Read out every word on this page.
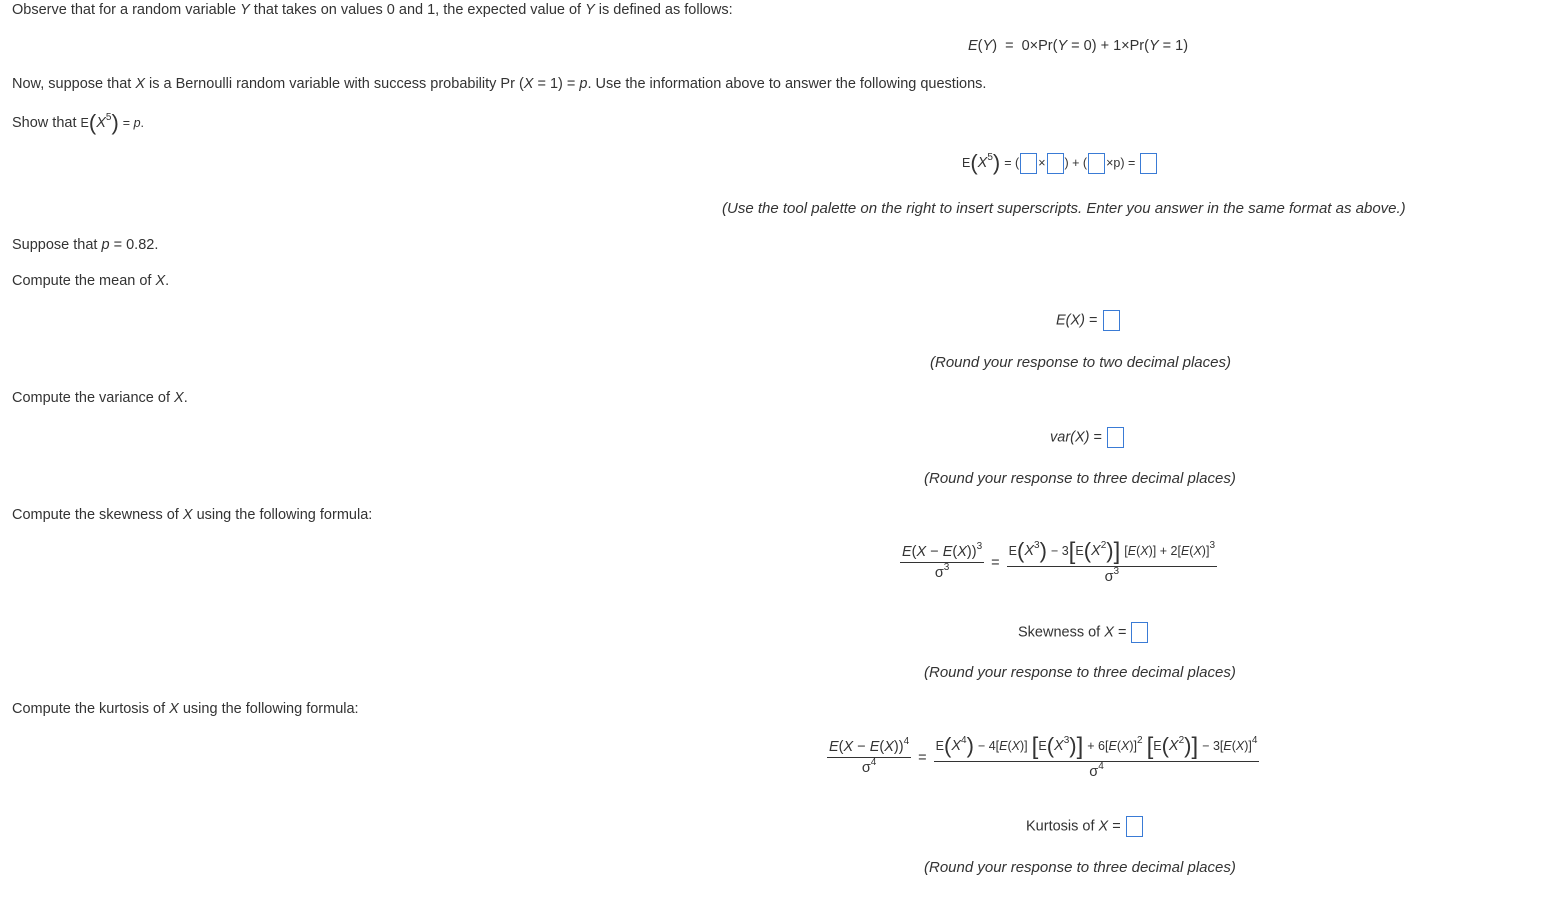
Observe that for a random variable Y that takes on values 0 and 1, the expected value of Y is defined as follows:
E(Y)  =  0×Pr(Y = 0) + 1×Pr(Y = 1)
Now, suppose that X is a Bernoulli random variable with success probability Pr (X = 1) = p. Use the information above to answer the following questions.
Show that $E(X^5) = p$.
$E(X^5)$ = ( × ) + ( ×p) =
(Use the tool palette on the right to insert superscripts. Enter you answer in the same format as above.)
Suppose that p = 0.82.
Compute the mean of X.
E(X) =
(Round your response to two decimal places)
Compute the variance of X.
var(X) =
(Round your response to three decimal places)
Compute the skewness of X using the following formula:
$\frac{E(X - E(X))^3}{\sigma^3} = \frac{E(X^3) - 3[E(X^2)] [E(X)] + 2[E(X)]^3}{\sigma^3}$
Skewness of X =
(Round your response to three decimal places)
Compute the kurtosis of X using the following formula:
$\frac{E(X - E(X))^4}{\sigma^4} = \frac{E(X^4) - 4[E(X)] [E(X^3)] + 6[E(X)]^2 [E(X^2)] - 3[E(X)]^4}{\sigma^4}$
Kurtosis of X =
(Round your response to three decimal places)
